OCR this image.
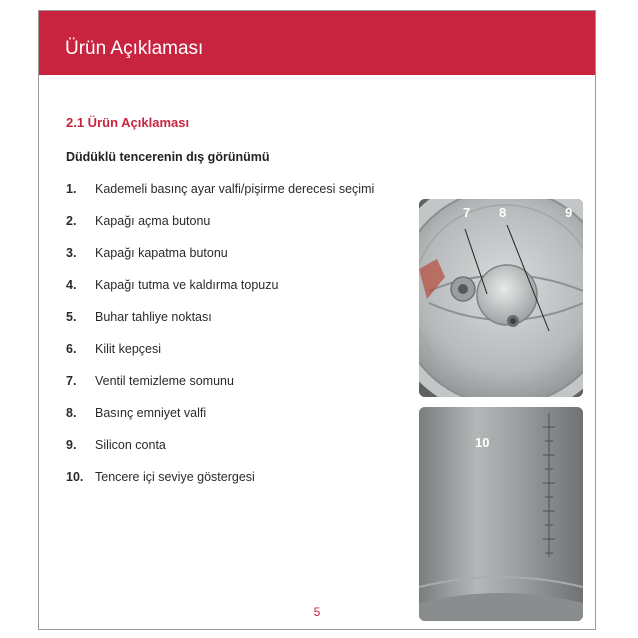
Ürün Açıklaması
2.1 Ürün Açıklaması
Düdüklü tencerenin dış görünümü
1. Kademeli basınç ayar valfi/pişirme derecesi seçimi
2. Kapağı açma butonu
3. Kapağı kapatma butonu
4. Kapağı tutma ve kaldırma topuzu
5. Buhar tahliye noktası
6. Kilit kepçesi
7. Ventil temizleme somunu
8. Basınç emniyet valfi
9. Silicon conta
10. Tencere içi seviye göstergesi
7 8	9
10
5
